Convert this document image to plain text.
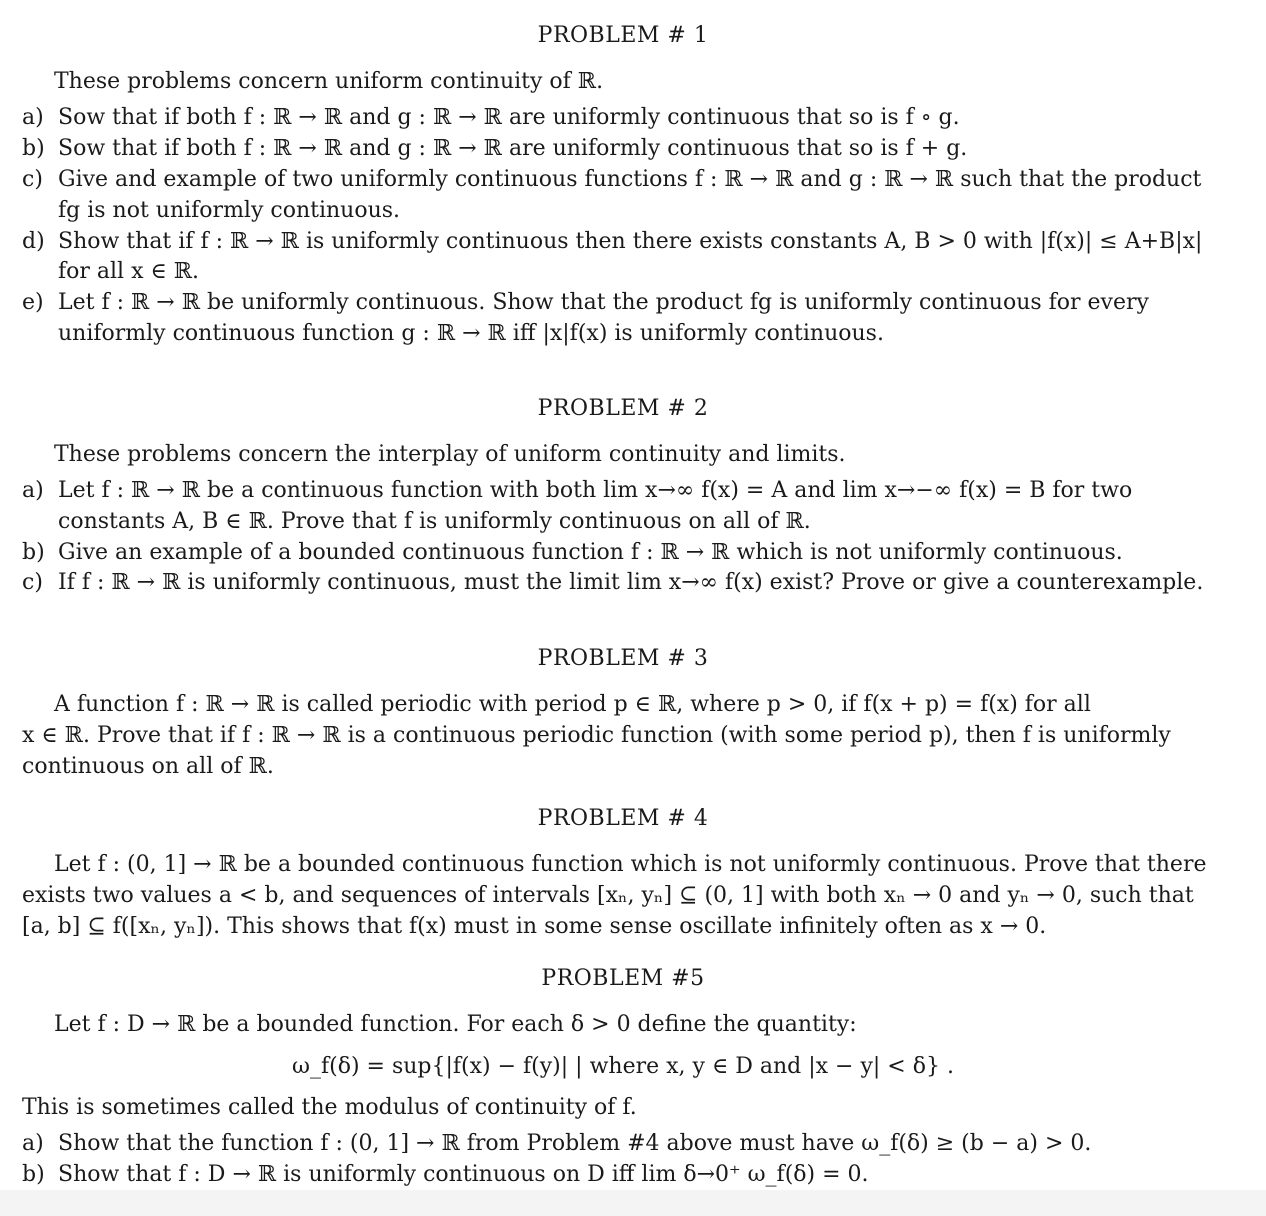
PROBLEM # 1
These problems concern uniform continuity of ℝ.
a) Sow that if both f : ℝ → ℝ and g : ℝ → ℝ are uniformly continuous that so is f ∘ g.
b) Sow that if both f : ℝ → ℝ and g : ℝ → ℝ are uniformly continuous that so is f + g.
c) Give and example of two uniformly continuous functions f : ℝ → ℝ and g : ℝ → ℝ such that the product
fg is not uniformly continuous.
d) Show that if f : ℝ → ℝ is uniformly continuous then there exists constants A, B > 0 with |f(x)| ≤ A+B|x|
for all x ∈ ℝ.
e) Let f : ℝ → ℝ be uniformly continuous. Show that the product fg is uniformly continuous for every
uniformly continuous function g : ℝ → ℝ iff |x|f(x) is uniformly continuous.
PROBLEM # 2
These problems concern the interplay of uniform continuity and limits.
a) Let f : ℝ → ℝ be a continuous function with both lim x→∞ f(x) = A and lim x→−∞ f(x) = B for two
constants A, B ∈ ℝ. Prove that f is uniformly continuous on all of ℝ.
b) Give an example of a bounded continuous function f : ℝ → ℝ which is not uniformly continuous.
c) If f : ℝ → ℝ is uniformly continuous, must the limit lim x→∞ f(x) exist? Prove or give a counterexample.
PROBLEM # 3
A function f : ℝ → ℝ is called periodic with period p ∈ ℝ, where p > 0, if f(x + p) = f(x) for all
x ∈ ℝ. Prove that if f : ℝ → ℝ is a continuous periodic function (with some period p), then f is uniformly
continuous on all of ℝ.
PROBLEM # 4
Let f : (0, 1] → ℝ be a bounded continuous function which is not uniformly continuous. Prove that there
exists two values a < b, and sequences of intervals [xₙ, yₙ] ⊆ (0, 1] with both xₙ → 0 and yₙ → 0, such that
[a, b] ⊆ f([xₙ, yₙ]). This shows that f(x) must in some sense oscillate infinitely often as x → 0.
PROBLEM #5
Let f : D → ℝ be a bounded function. For each δ > 0 define the quantity:
ω_f(δ) = sup{|f(x) − f(y)| | where x, y ∈ D and |x − y| < δ} .
This is sometimes called the modulus of continuity of f.
a) Show that the function f : (0, 1] → ℝ from Problem #4 above must have ω_f(δ) ≥ (b − a) > 0.
b) Show that f : D → ℝ is uniformly continuous on D iff lim δ→0⁺ ω_f(δ) = 0.
